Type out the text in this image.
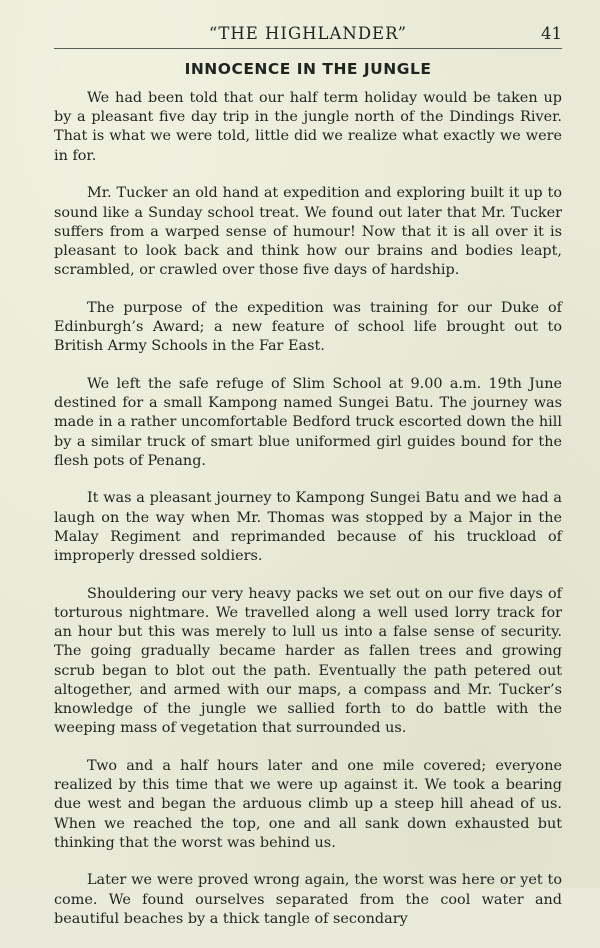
“THE HIGHLANDER”	41
INNOCENCE IN THE JUNGLE

We had been told that our half term holiday would be taken up by a pleasant five day trip in the jungle north of the Dindings River. That is what we were told, little did we realize what exactly we were in for.

Mr. Tucker an old hand at expedition and exploring built it up to sound like a Sunday school treat. We found out later that Mr. Tucker suffers from a warped sense of humour! Now that it is all over it is pleasant to look back and think how our brains and bodies leapt, scrambled, or crawled over those five days of hardship.

The purpose of the expedition was training for our Duke of Edinburgh’s Award; a new feature of school life brought out to British Army Schools in the Far East.

We left the safe refuge of Slim School at 9.00 a.m. 19th June destined for a small Kampong named Sungei Batu. The journey was made in a rather uncomfortable Bedford truck escorted down the hill by a similar truck of smart blue uniformed girl guides bound for the flesh pots of Penang.

It was a pleasant journey to Kampong Sungei Batu and we had a laugh on the way when Mr. Thomas was stopped by a Major in the Malay Regiment and reprimanded because of his truckload of improperly dressed soldiers.

Shouldering our very heavy packs we set out on our five days of torturous nightmare. We travelled along a well used lorry track for an hour but this was merely to lull us into a false sense of security. The going gradually became harder as fallen trees and growing scrub began to blot out the path. Eventually the path petered out altogether, and armed with our maps, a compass and Mr. Tucker’s knowledge of the jungle we sallied forth to do battle with the weeping mass of vegetation that surrounded us.

Two and a half hours later and one mile covered; everyone realized by this time that we were up against it. We took a bearing due west and began the arduous climb up a steep hill ahead of us. When we reached the top, one and all sank down exhausted but thinking that the worst was behind us.

Later we were proved wrong again, the worst was here or yet to come. We found ourselves separated from the cool water and beautiful beaches by a thick tangle of secondary
